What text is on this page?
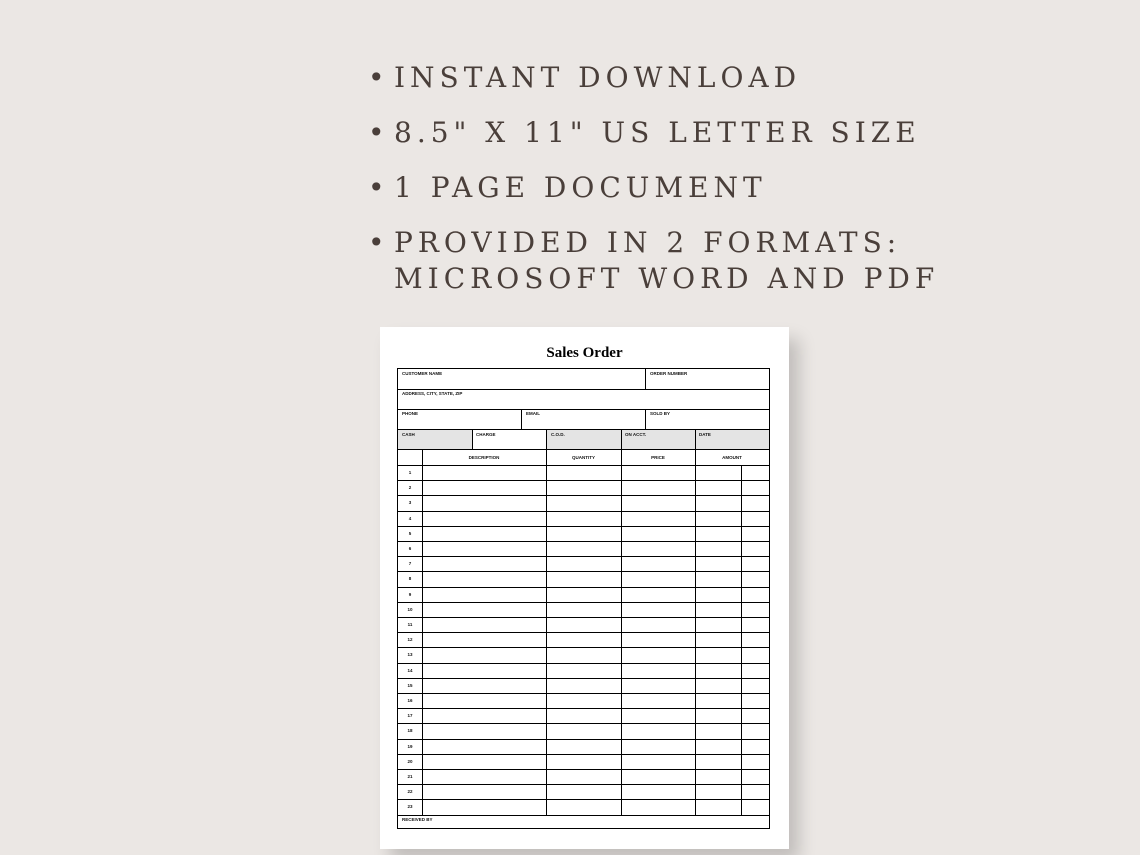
• INSTANT DOWNLOAD
• 8.5" X 11" US LETTER SIZE
• 1 PAGE DOCUMENT
• PROVIDED IN 2 FORMATS:
MICROSOFT WORD AND PDF
Sales Order
CUSTOMER NAME	ORDER NUMBER
ADDRESS, CITY, STATE, ZIP
PHONE	EMAIL	SOLD BY
CASH	CHARGE	C.O.D.	ON ACCT.	DATE
DESCRIPTION	QUANTITY	PRICE	AMOUNT
1
2
3
4
5
6
7
8
9
10
11
12
13
14
15
16
17
18
19
20
21
22
23
RECEIVED BY
